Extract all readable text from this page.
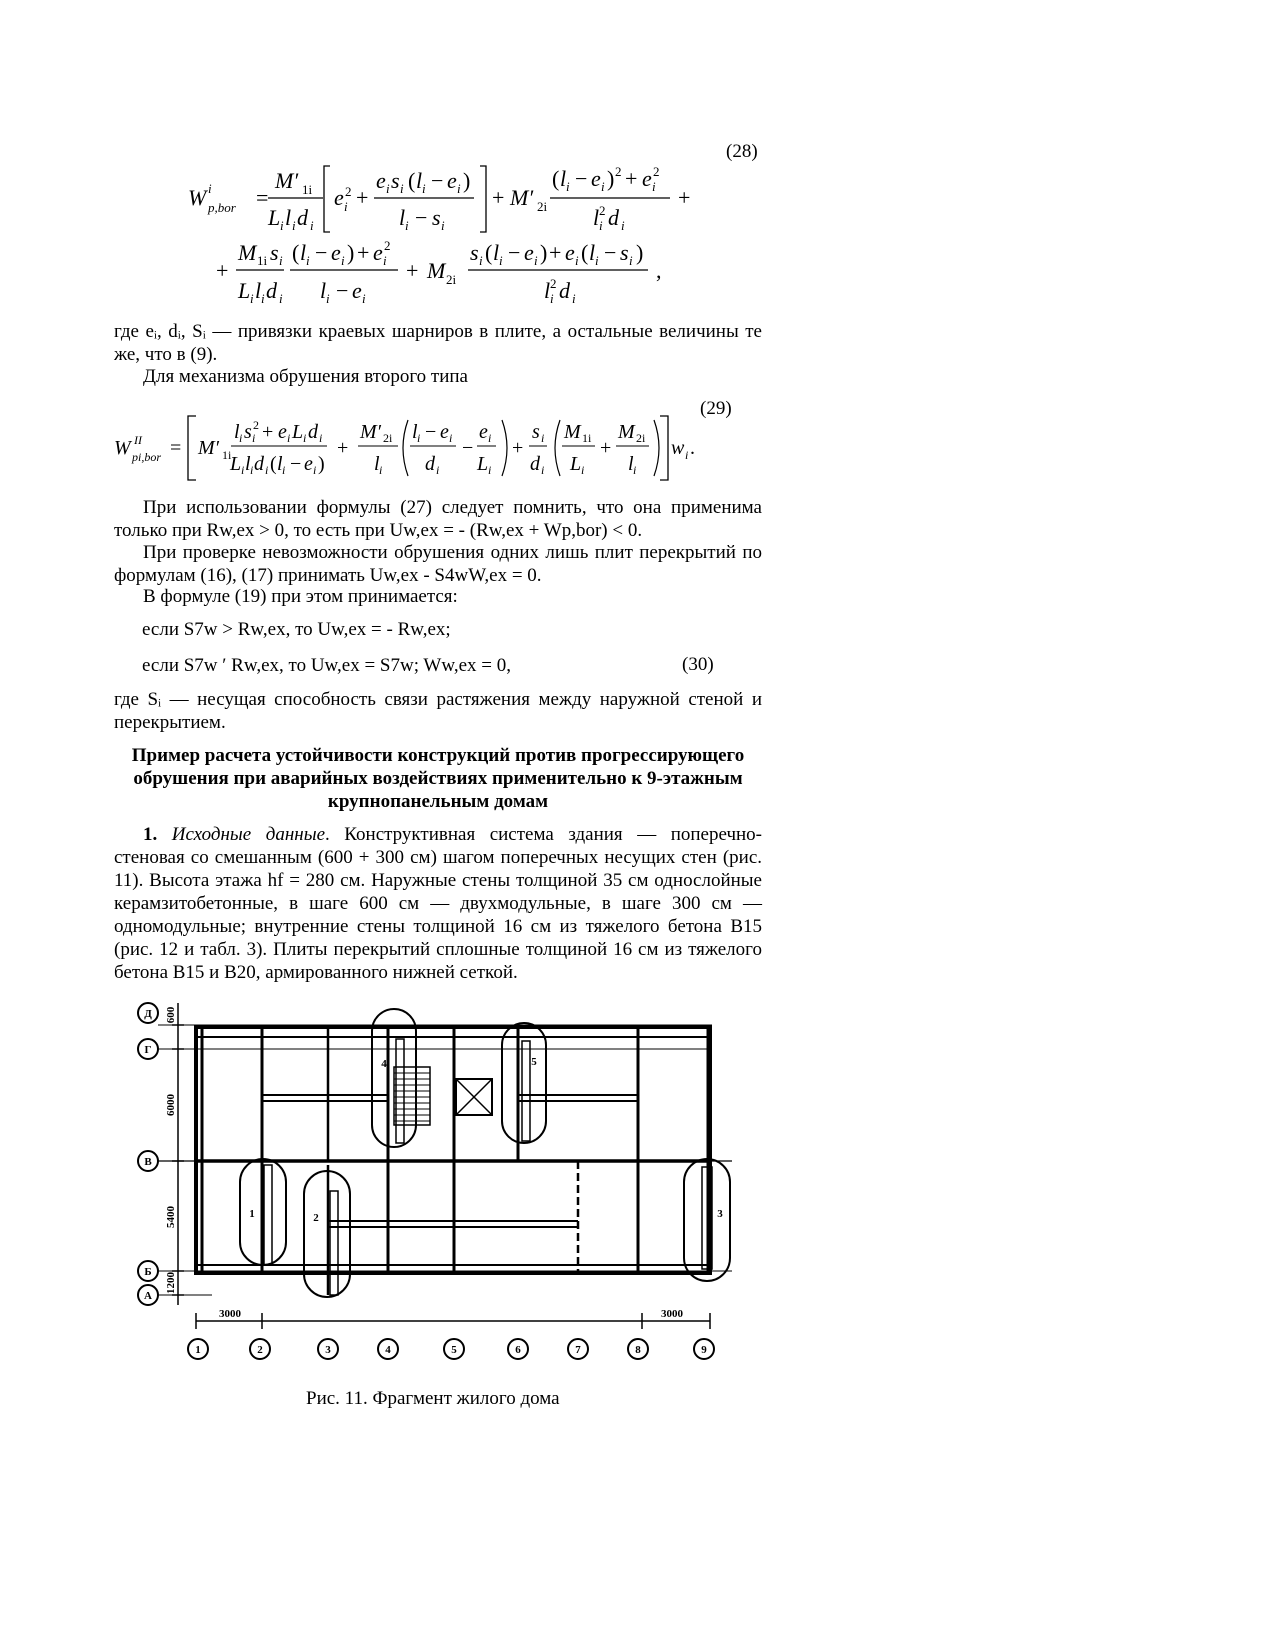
(28)
W i
p,bor =
M′ 1i
L i l i d i
e 2
i +
e i s i ( l i − e i )
l i − s i
+ M′ 2i
( l i − e i ) 2 + e 2
i
l 2
i d i
+
+
M 1i s i
L i l i d i
( l i − e i ) + e 2
i
l i − e i
+ M 2i
s i ( l i − e i ) + e i ( l i − s i )
l 2
i d i
,
где eᵢ, dᵢ, Sᵢ — привязки краевых шарниров в плите, а остальные величины те же, что в (9).
Для механизма обрушения второго типа
(29)
W II
pi,bor = M′ 1i
l i s 2
i + e i L i d i
L i l i d i ( l i − e i )
+
M′ 2i
l i
l i − e i
d i
−
e i
L i
+
s i
d i
M 1i
L i
+
M 2i
l i
w i .
При использовании формулы (27) следует помнить, что она применима только при Rw,ex > 0, то есть при Uw,ex = - (Rw,ex + Wp,bor) < 0.
При проверке невозможности обрушения одних лишь плит перекрытий по формулам (16), (17) принимать Uw,ex - S4wW,ex = 0.
В формуле (19) при этом принимается:
если S7w > Rw,ex, то Uw,ex = - Rw,ex;
если S7w ′ Rw,ex, то Uw,ex = S7w; Ww,ex = 0,	(30)
где Sᵢ — несущая способность связи растяжения между наружной стеной и перекрытием.
Пример расчета устойчивости конструкций против прогрессирующего обрушения при аварийных воздействиях применительно к 9-этажным крупнопанельным домам
1. Исходные данные. Конструктивная система здания — поперечно-стеновая со смешанным (600 + 300 см) шагом поперечных несущих стен (рис. 11). Высота этажа hf = 280 см. Наружные стены толщиной 35 см однослойные керамзитобетонные, в шаге 600 см — двухмодульные, в шаге 300 см — одномодульные; внутренние стены толщиной 16 см из тяжелого бетона В15 (рис. 12 и табл. 3). Плиты перекрытий сплошные толщиной 16 см из тяжелого бетона В15 и В20, армированного нижней сеткой.
Д
Г
В
Б
А
1	2	3	4	5	6	7	8	9
600
6000
5400
1200
3000	3000
1	2	3
4	5
Рис. 11. Фрагмент жилого дома
